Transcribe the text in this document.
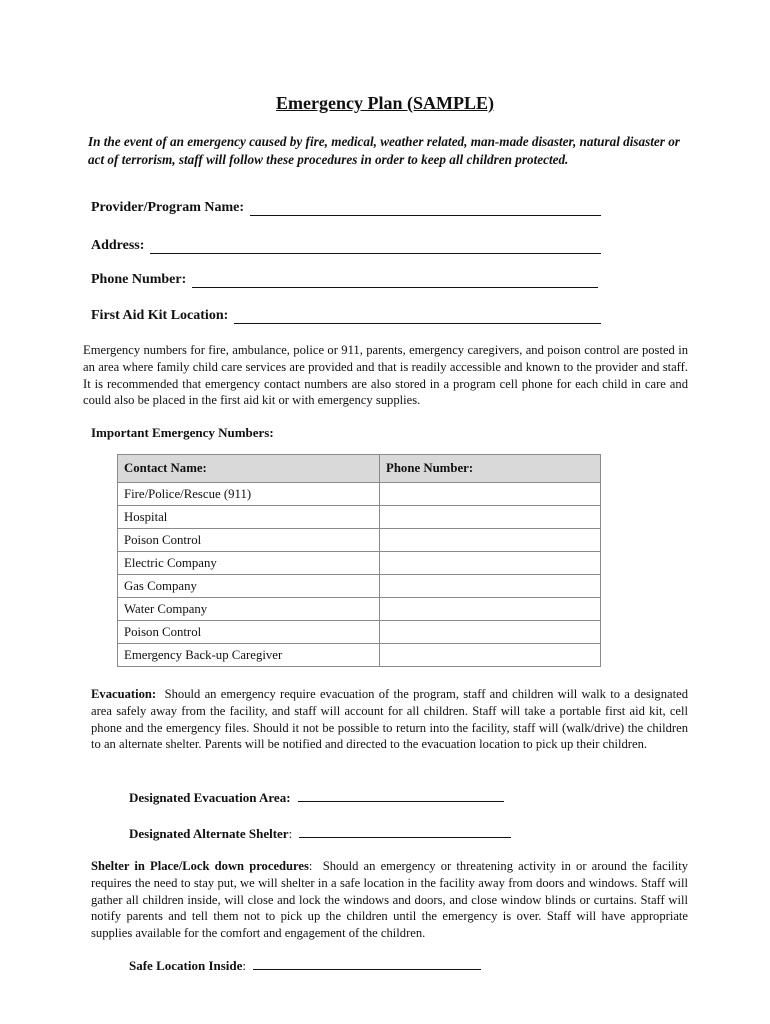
Emergency Plan (SAMPLE)
In the event of an emergency caused by fire, medical, weather related, man-made disaster, natural disaster or act of terrorism, staff will follow these procedures in order to keep all children protected.
Provider/Program Name:
Address:
Phone Number:
First Aid Kit Location:
Emergency numbers for fire, ambulance, police or 911, parents, emergency caregivers, and poison control are posted in an area where family child care services are provided and that is readily accessible and known to the provider and staff. It is recommended that emergency contact numbers are also stored in a program cell phone for each child in care and could also be placed in the first aid kit or with emergency supplies.
Important Emergency Numbers:
Contact Name:	Phone Number:
Fire/Police/Rescue (911)	
Hospital	
Poison Control	
Electric Company	
Gas Company	
Water Company	
Poison Control	
Emergency Back-up Caregiver	
Evacuation: Should an emergency require evacuation of the program, staff and children will walk to a designated area safely away from the facility, and staff will account for all children. Staff will take a portable first aid kit, cell phone and the emergency files. Should it not be possible to return into the facility, staff will (walk/drive) the children to an alternate shelter. Parents will be notified and directed to the evacuation location to pick up their children.
Designated Evacuation Area:
Designated Alternate Shelter:
Shelter in Place/Lock down procedures:  Should an emergency or threatening activity in or around the facility requires the need to stay put, we will shelter in a safe location in the facility away from doors and windows. Staff will gather all children inside, will close and lock the windows and doors, and close window blinds or curtains. Staff will notify parents and tell them not to pick up the children until the emergency is over. Staff will have appropriate supplies available for the comfort and engagement of the children.
Safe Location Inside:
